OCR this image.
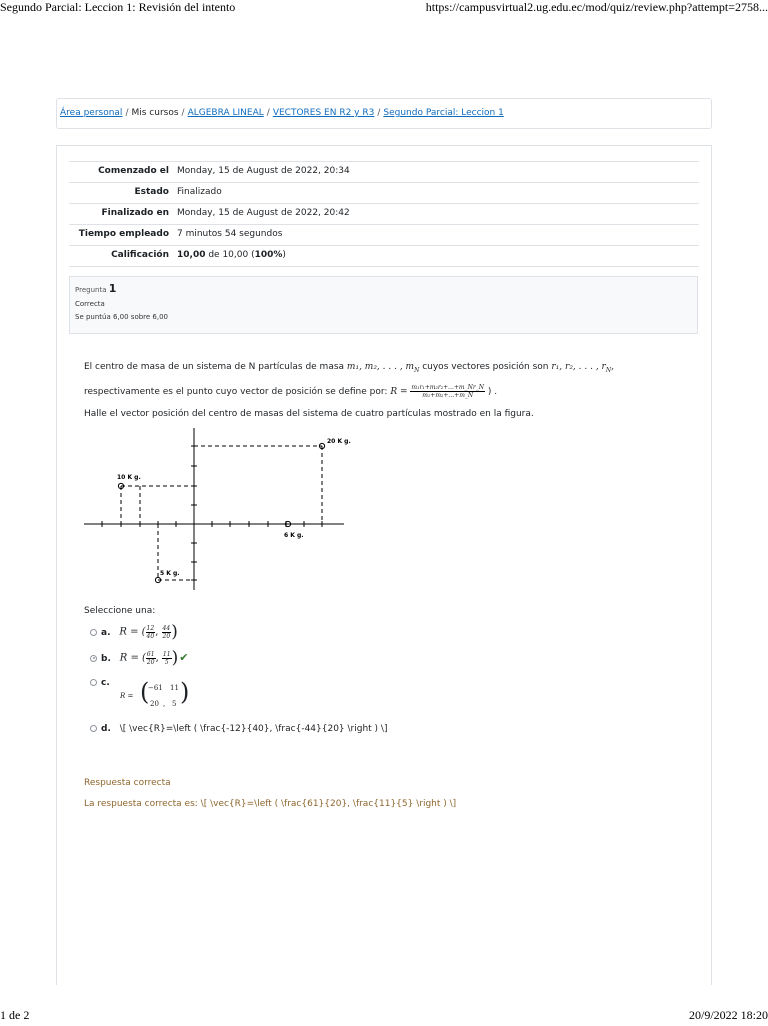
Segundo Parcial: Leccion 1: Revisión del intento	https://campusvirtual2.ug.edu.ec/mod/quiz/review.php?attempt=2758...
Área personal / Mis cursos / ALGEBRA LINEAL / VECTORES EN R2 y R3 / Segundo Parcial: Leccion 1
Comenzado el	Monday, 15 de August de 2022, 20:34
Estado	Finalizado
Finalizado en	Monday, 15 de August de 2022, 20:42
Tiempo empleado	7 minutos 54 segundos
Calificación	10,00 de 10,00 (100%)
Pregunta 1
Correcta
Se puntúa 6,00 sobre 6,00
El centro de masa de un sistema de N partículas de masa m₁, m₂, . . . , $m_N$ cuyos vectores posición son r₁, r₂, . . . , $r_N$,
respectivamente es el punto cuyo vector de posición se define por: $R = \frac{\text{m₁r₁+m₂r₂+...+m\_Nr\_N}}{\text{m₁+m₂+...+m\_N}}$ ) .
Halle el vector posición del centro de masas del sistema de cuatro partículas mostrado en la figura.
20 K g.
10 K g.
6 K g.
5 K g.
Seleccione una:
a. R = ( $\frac{12}{40}$ , $\frac{44}{20}$ )
b. R = ( $\frac{61}{20}$ , $\frac{11}{5}$ )✔
c.
R = (
−61 11
20 , 5 )
d. \[ \vec{R}=\left ( \frac{-12}{40}, \frac{-44}{20} \right ) \]
Respuesta correcta
La respuesta correcta es: \[ \vec{R}=\left ( \frac{61}{20}, \frac{11}{5} \right ) \]
1 de 2	20/9/2022 18:20
